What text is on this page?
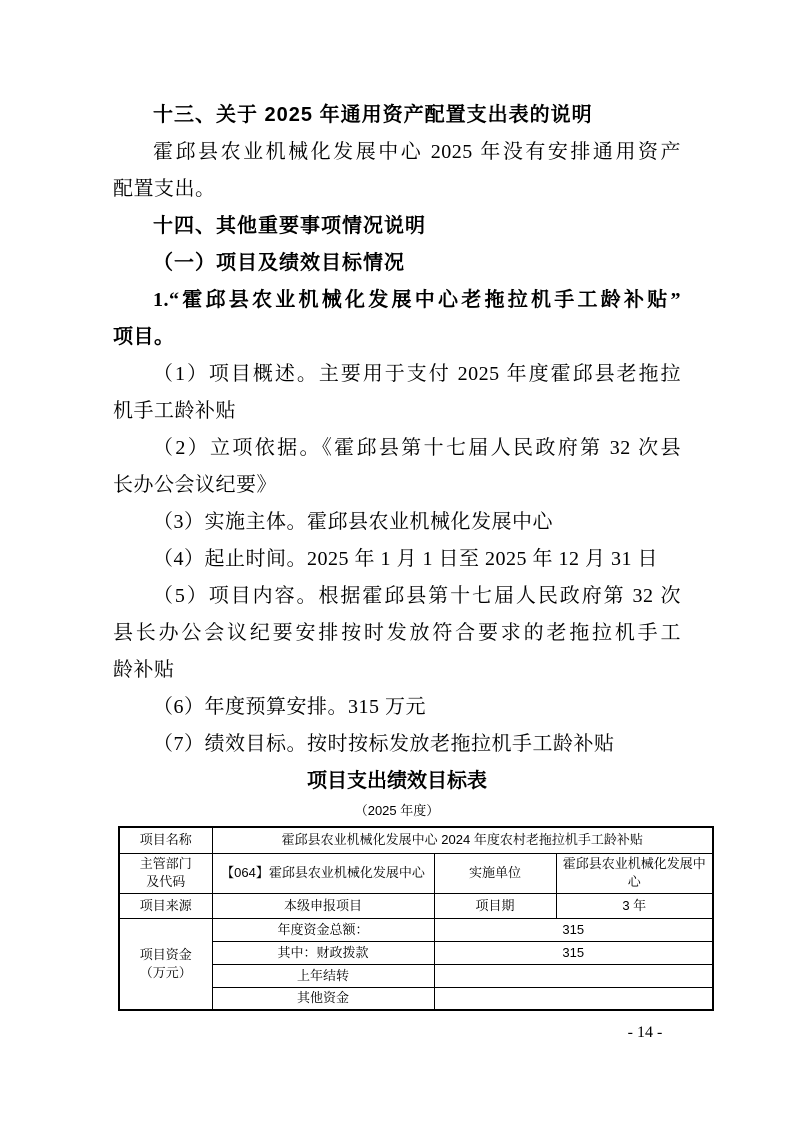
十三、关于 2025 年通用资产配置支出表的说明
霍邱县农业机械化发展中心 2025 年没有安排通用资产
配置支出。
十四、其他重要事项情况说明
（一）项目及绩效目标情况
1.“霍邱县农业机械化发展中心老拖拉机手工龄补贴”
项目。
（1）项目概述。主要用于支付 2025 年度霍邱县老拖拉
机手工龄补贴
（2）立项依据。《霍邱县第十七届人民政府第 32 次县
长办公会议纪要》
（3）实施主体。霍邱县农业机械化发展中心
（4）起止时间。2025 年 1 月 1 日至 2025 年 12 月 31 日
（5）项目内容。根据霍邱县第十七届人民政府第 32 次
县长办公会议纪要安排按时发放符合要求的老拖拉机手工
龄补贴
（6）年度预算安排。315 万元
（7）绩效目标。按时按标发放老拖拉机手工龄补贴
项目支出绩效目标表
（2025 年度）
项目名称	霍邱县农业机械化发展中心 2024 年度农村老拖拉机手工龄补贴		

主管部门
及代码	【064】霍邱县农业机械化发展中心	实施单位	霍邱县农业机械化发展中心
项目来源	本级申报项目	项目期	3 年

项目资金
（万元）	年度资金总额：	315	
	其中：财政拨款	315	
	上年结转		
	其他资金		
- 14 -
